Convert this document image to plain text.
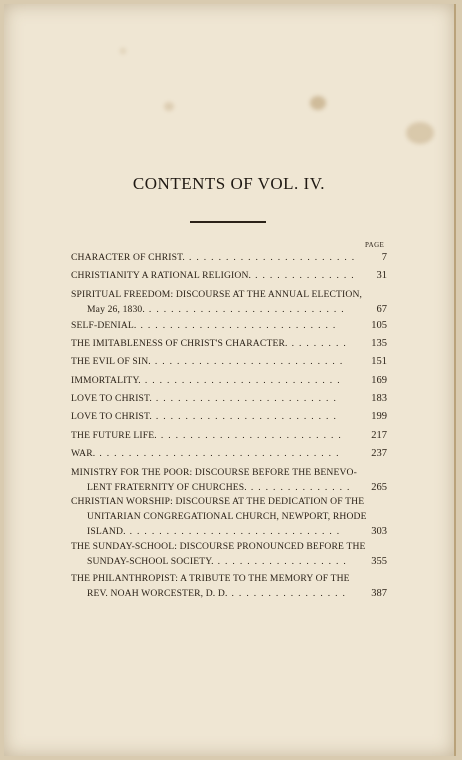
CONTENTS OF VOL. IV.
PAGE
CHARACTER OF CHRIST. ....................... 7
CHRISTIANITY A RATIONAL RELIGION. .............. 31
SPIRITUAL FREEDOM: DISCOURSE AT THE ANNUAL ELECTION,
May 26, 1830. ...........................	67
SELF-DENIAL. ...........................	105
THE IMITABLENESS OF CHRIST'S CHARACTER. ........ 135
THE EVIL OF SIN. .......................... 151
IMMORTALITY. ...........................	169
LOVE TO CHRIST. .........................	183
LOVE TO CHRIST. .........................	199
THE FUTURE LIFE. ......................... 217
WAR. .................................	237
MINISTRY FOR THE POOR: DISCOURSE BEFORE THE BENEVO-
LENT FRATERNITY OF CHURCHES. .............. 265
CHRISTIAN WORSHIP: DISCOURSE AT THE DEDICATION OF THE
UNITARIAN CONGREGATIONAL CHURCH, NEWPORT, RHODE
ISLAND. .............................	303
THE SUNDAY-SCHOOL: DISCOURSE PRONOUNCED BEFORE THE
SUNDAY-SCHOOL SOCIETY. .................. 355
THE PHILANTHROPIST: A TRIBUTE TO THE MEMORY OF THE
REV. NOAH WORCESTER, D. D. ................ 387
